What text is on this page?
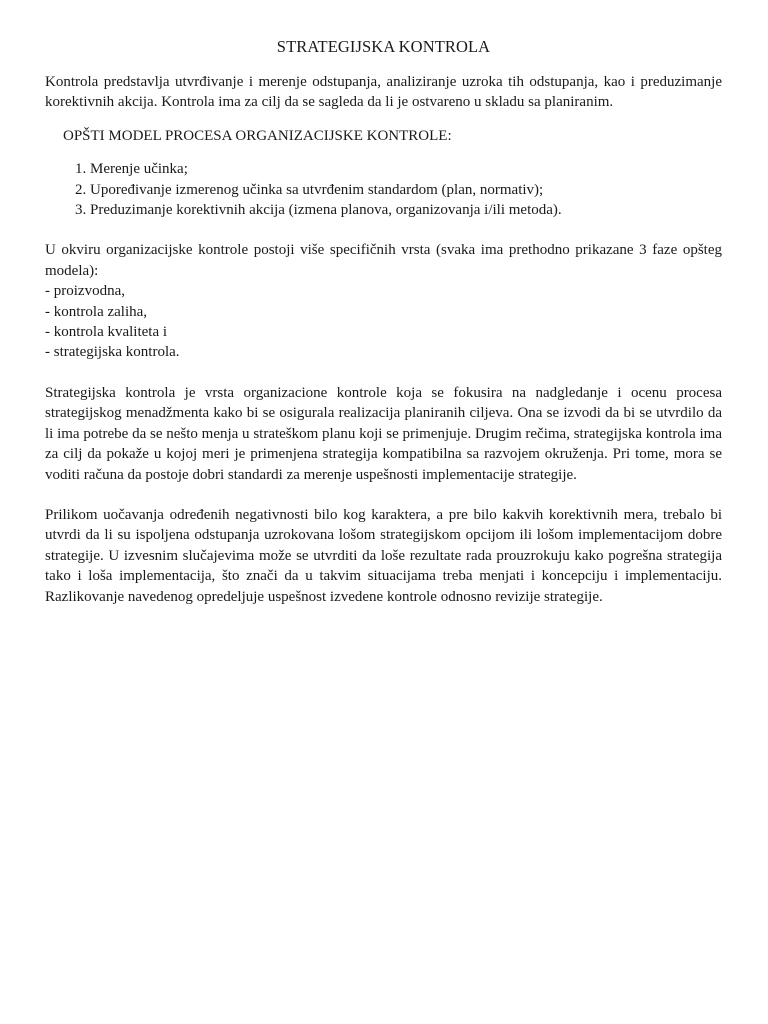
STRATEGIJSKA KONTROLA

Kontrola predstavlja utvrđivanje i merenje odstupanja, analiziranje uzroka tih odstupanja, kao i preduzimanje korektivnih akcija. Kontrola ima za cilj da se sagleda da li je ostvareno u skladu sa planiranim.

OPŠTI MODEL PROCESA ORGANIZACIJSKE KONTROLE:
1. Merenje učinka;
2. Upoređivanje izmerenog učinka sa utvrđenim standardom (plan, normativ);
3. Preduzimanje korektivnih akcija (izmena planova, organizovanja i/ili metoda).

U okviru organizacijske kontrole postoji više specifičnih vrsta (svaka ima prethodno prikazane 3 faze opšteg modela):

- proizvodna,
- kontrola zaliha,
- kontrola kvaliteta i
- strategijska kontrola.

Strategijska kontrola je vrsta organizacione kontrole koja se fokusira na nadgledanje i ocenu procesa strategijskog menadžmenta kako bi se osigurala realizacija planiranih ciljeva. Ona se izvodi da bi se utvrdilo da li ima potrebe da se nešto menja u strateškom planu koji se primenjuje. Drugim rečima, strategijska kontrola ima za cilj da pokaže u kojoj meri je primenjena strategija kompatibilna sa razvojem okruženja. Pri tome, mora se voditi računa da postoje dobri standardi za merenje uspešnosti implementacije strategije.

Prilikom uočavanja određenih negativnosti bilo kog karaktera, a pre bilo kakvih korektivnih mera, trebalo bi utvrdi da li su ispoljena odstupanja uzrokovana lošom strategijskom opcijom ili lošom implementacijom dobre strategije. U izvesnim slučajevima može se utvrditi da loše rezultate rada prouzrokuju kako pogrešna strategija tako i loša implementacija, što znači da u takvim situacijama treba menjati i koncepciju i implementaciju. Razlikovanje navedenog opredeljuje uspešnost izvedene kontrole odnosno revizije strategije.
